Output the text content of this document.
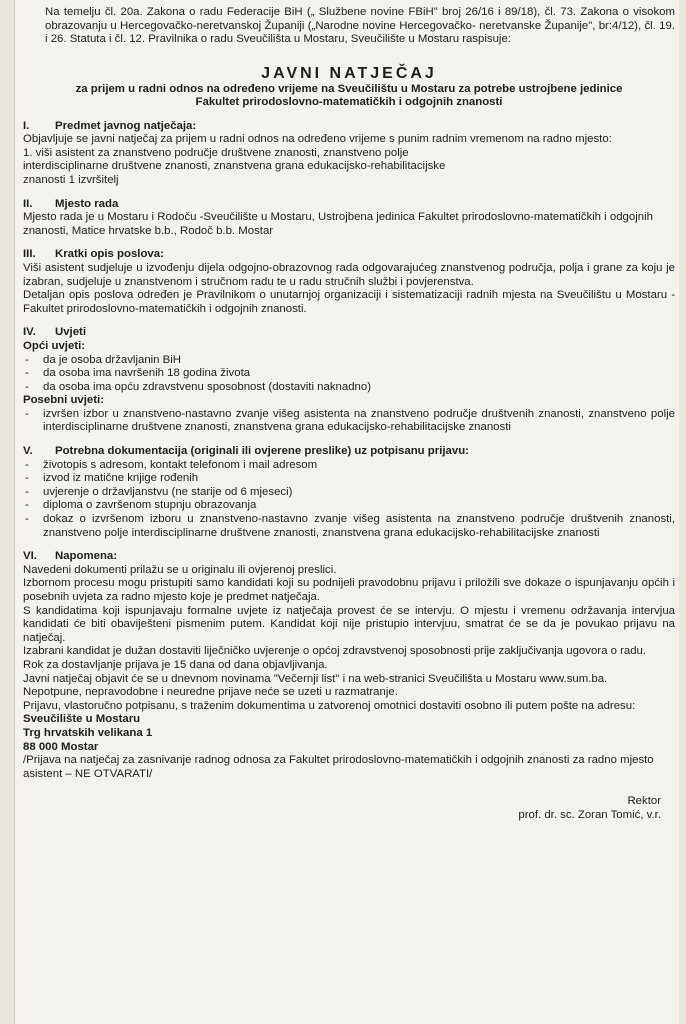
Na temelju čl. 20a. Zakona o radu Federacije BiH („ Službene novine FBiH" broj 26/16 i 89/18), čl. 73. Zakona o visokom obrazovanju u Hercegovačko-neretvanskoj Županiji („Narodne novine Hercegovačko- neretvanske Županije", br:4/12), čl. 19. i 26. Statuta i čl. 12. Pravilnika o radu Sveučilišta u Mostaru, Sveučilište u Mostaru raspisuje:

JAVNI NATJEČAJ
za prijem u radni odnos na određeno vrijeme na Sveučilištu u Mostaru za potrebe ustrojbene jedinice Fakultet prirodoslovno-matematičkih i odgojnih znanosti
I. Predmet javnog natječaja:

Objavljuje se javni natječaj za prijem u radni odnos na određeno vrijeme s punim radnim vremenom na radno mjesto:

1. viši asistent za znanstveno područje društvene znanosti, znanstveno polje interdisciplinarne društvene znanosti, znanstvena grana edukacijsko-rehabilitacijske znanosti 1 izvršitelj

II. Mjesto rada

Mjesto rada je u Mostaru i Rodoču -Sveučilište u Mostaru, Ustrojbena jedinica Fakultet prirodoslovno-matematičkih i odgojnih znanosti, Matice hrvatske b.b., Rodoč b.b. Mostar

III. Kratki opis poslova:

Viši asistent sudjeluje u izvođenju dijela odgojno-obrazovnog rada odgovarajućeg znanstvenog područja, polja i grane za koju je izabran, sudjeluje u znanstvenom i stručnom radu te u radu stručnih službi i povjerenstva.

Detaljan opis poslova određen je Pravilnikom o unutarnjoj organizaciji i sistematizaciji radnih mjesta na Sveučilištu u Mostaru - Fakultet prirodoslovno-matematičkih i odgojnih znanosti.

IV. Uvjeti
Opći uvjeti:
- da je osoba državljanin BiH
- da osoba ima navršenih 18 godina života
- da osoba ima opću zdravstvenu sposobnost (dostaviti naknadno)
Posebni uvjeti:
- izvršen izbor u znanstveno-nastavno zvanje višeg asistenta na znanstveno područje društvenih znanosti, znanstveno polje interdisciplinarne društvene znanosti, znanstvena grana edukacijsko-rehabilitacijske znanosti
V. Potrebna dokumentacija (originali ili ovjerene preslike) uz potpisanu prijavu:
- životopis s adresom, kontakt telefonom i mail adresom
- izvod iz matične knjige rođenih
- uvjerenje o državljanstvu (ne starije od 6 mjeseci)
- diploma o završenom stupnju obrazovanja
- dokaz o izvršenom izboru u znanstveno-nastavno zvanje višeg asistenta na znanstveno područje društvenih znanosti, znanstveno polje interdisciplinarne društvene znanosti, znanstvena grana edukacijsko-rehabilitacijske znanosti
VI. Napomena:

Navedeni dokumenti prilažu se u originalu ili ovjerenoj preslici.

Izbornom procesu mogu pristupiti samo kandidati koji su podnijeli pravodobnu prijavu i priložili sve dokaze o ispunjavanju općih i posebnih uvjeta za radno mjesto koje je predmet natječaja.

S kandidatima koji ispunjavaju formalne uvjete iz natječaja provest će se intervju. O mjestu i vremenu održavanja intervjua kandidati će biti obaviješteni pismenim putem. Kandidat koji nije pristupio intervjuu, smatrat će se da je povukao prijavu na natječaj.

Izabrani kandidat je dužan dostaviti liječničko uvjerenje o općoj zdravstvenoj sposobnosti prije zaključivanja ugovora o radu.

Rok za dostavljanje prijava je 15 dana od dana objavljivanja.

Javni natječaj objavit će se u dnevnom novinama "Večernji list" i na web-stranici Sveučilišta u Mostaru www.sum.ba.

Nepotpune, nepravodobne i neuredne prijave neće se uzeti u razmatranje.

Prijavu, vlastoručno potpisanu, s traženim dokumentima u zatvorenoj omotnici dostaviti osobno ili putem pošte na adresu:

Sveučilište u Mostaru

Trg hrvatskih velikana 1

88 000 Mostar

/Prijava na natječaj za zasnivanje radnog odnosa za Fakultet prirodoslovno-matematičkih i odgojnih znanosti za radno mjesto asistent – NE OTVARATI/

Rektor
prof. dr. sc. Zoran Tomić, v.r.
